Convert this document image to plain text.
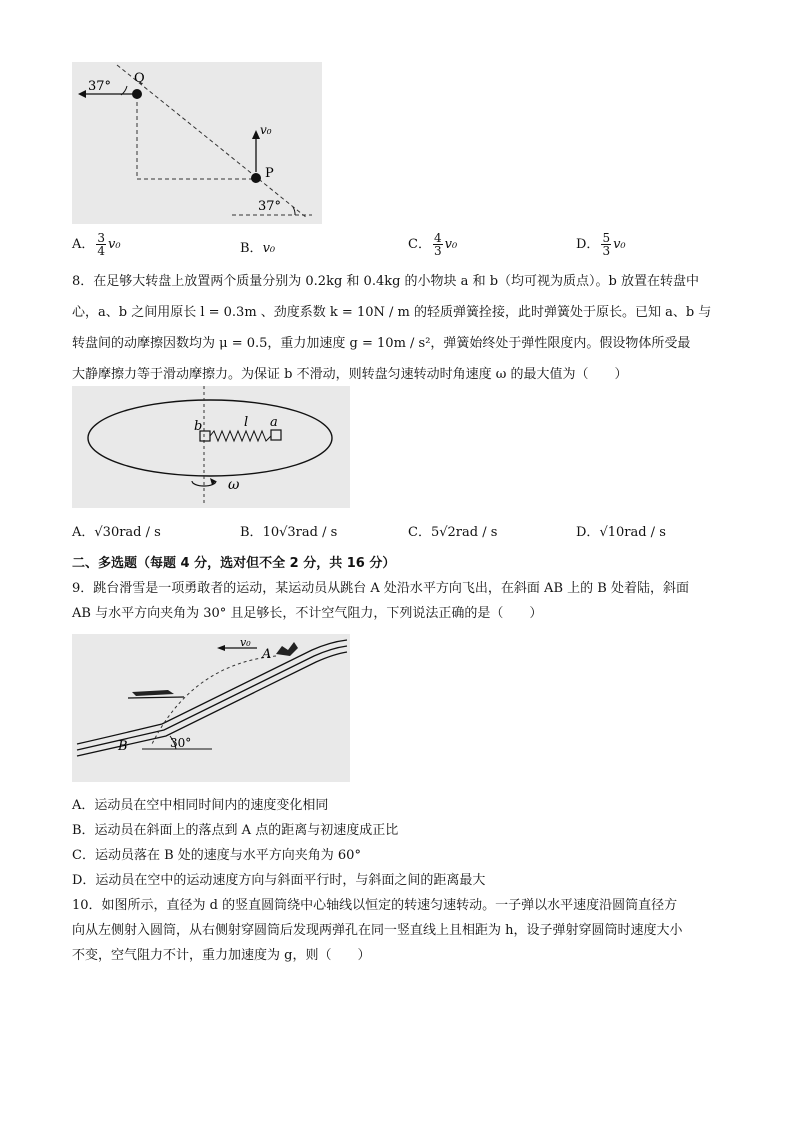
37°
Q
P
v₀
37°
A． $\frac{3}{4} v_0$	B．v₀	C． $\frac{4}{3} v_0$	D． $\frac{5}{3} v_0$
8．在足够大转盘上放置两个质量分别为 0.2kg 和 0.4kg 的小物块 a 和 b（均可视为质点）。b 放置在转盘中
心，a、b 之间用原长 l = 0.3m 、劲度系数 k = 10N / m 的轻质弹簧拴接，此时弹簧处于原长。已知 a、b 与
转盘间的动摩擦因数均为 μ = 0.5，重力加速度 g = 10m / s²，弹簧始终处于弹性限度内。假设物体所受最
大静摩擦力等于滑动摩擦力。为保证 b 不滑动，则转盘匀速转动时角速度 ω 的最大值为（　　）
b	l a
ω
A．√30rad / s	B．10√3rad / s	C．5√2rad / s	D．√10rad / s
二、多选题（每题 4 分，选对但不全 2 分，共 16 分）
9．跳台滑雪是一项勇敢者的运动，某运动员从跳台 A 处沿水平方向飞出，在斜面 AB 上的 B 处着陆，斜面
AB 与水平方向夹角为 30° 且足够长，不计空气阻力，下列说法正确的是（　　）
v₀
A
B	30°
A．运动员在空中相同时间内的速度变化相同
B．运动员在斜面上的落点到 A 点的距离与初速度成正比
C．运动员落在 B 处的速度与水平方向夹角为 60°
D．运动员在空中的运动速度方向与斜面平行时，与斜面之间的距离最大
10．如图所示，直径为 d 的竖直圆筒绕中心轴线以恒定的转速匀速转动。一子弹以水平速度沿圆筒直径方
向从左侧射入圆筒，从右侧射穿圆筒后发现两弹孔在同一竖直线上且相距为 h，设子弹射穿圆筒时速度大小
不变，空气阻力不计，重力加速度为 g，则（　　）
